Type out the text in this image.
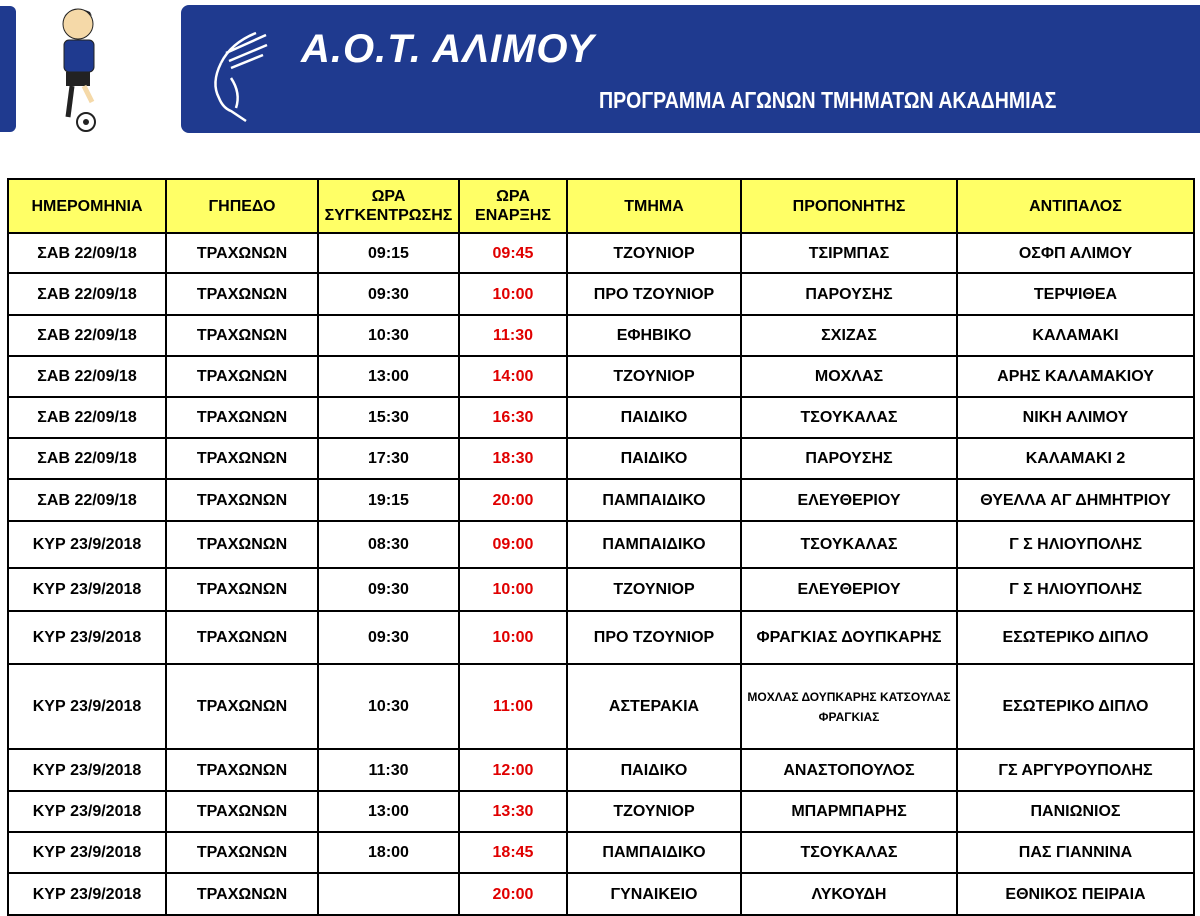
Α.Ο.Τ. ΑΛΙΜΟΥ
ΠΡΟΓΡΑΜΜΑ ΑΓΩΝΩΝ ΤΜΗΜΑΤΩΝ ΑΚΑΔΗΜΙΑΣ
ΗΜΕΡΟΜΗΝΙΑ	ΓΗΠΕΔΟ	ΩΡΑ ΣΥΓΚΕΝΤΡΩΣΗΣ	ΩΡΑ ΕΝΑΡΞΗΣ	ΤΜΗΜΑ	ΠΡΟΠΟΝΗΤΗΣ	ΑΝΤΙΠΑΛΟΣ
ΣΑΒ 22/09/18	ΤΡΑΧΩΝΩΝ	09:15	09:45	ΤΖΟΥΝΙΟΡ	ΤΣΙΡΜΠΑΣ	ΟΣΦΠ ΑΛΙΜΟΥ
ΣΑΒ 22/09/18	ΤΡΑΧΩΝΩΝ	09:30	10:00	ΠΡΟ ΤΖΟΥΝΙΟΡ	ΠΑΡΟΥΣΗΣ	ΤΕΡΨΙΘΕΑ
ΣΑΒ 22/09/18	ΤΡΑΧΩΝΩΝ	10:30	11:30	ΕΦΗΒΙΚΟ	ΣΧΙΖΑΣ	ΚΑΛΑΜΑΚΙ
ΣΑΒ 22/09/18	ΤΡΑΧΩΝΩΝ	13:00	14:00	ΤΖΟΥΝΙΟΡ	ΜΟΧΛΑΣ	ΑΡΗΣ ΚΑΛΑΜΑΚΙΟΥ
ΣΑΒ 22/09/18	ΤΡΑΧΩΝΩΝ	15:30	16:30	ΠΑΙΔΙΚΟ	ΤΣΟΥΚΑΛΑΣ	ΝΙΚΗ ΑΛΙΜΟΥ
ΣΑΒ 22/09/18	ΤΡΑΧΩΝΩΝ	17:30	18:30	ΠΑΙΔΙΚΟ	ΠΑΡΟΥΣΗΣ	ΚΑΛΑΜΑΚΙ 2
ΣΑΒ 22/09/18	ΤΡΑΧΩΝΩΝ	19:15	20:00	ΠΑΜΠΑΙΔΙΚΟ	ΕΛΕΥΘΕΡΙΟΥ	ΘΥΕΛΛΑ ΑΓ ΔΗΜΗΤΡΙΟΥ
ΚΥΡ 23/9/2018	ΤΡΑΧΩΝΩΝ	08:30	09:00	ΠΑΜΠΑΙΔΙΚΟ	ΤΣΟΥΚΑΛΑΣ	Γ Σ ΗΛΙΟΥΠΟΛΗΣ
ΚΥΡ 23/9/2018	ΤΡΑΧΩΝΩΝ	09:30	10:00	ΤΖΟΥΝΙΟΡ	ΕΛΕΥΘΕΡΙΟΥ	Γ Σ ΗΛΙΟΥΠΟΛΗΣ
ΚΥΡ 23/9/2018	ΤΡΑΧΩΝΩΝ	09:30	10:00	ΠΡΟ ΤΖΟΥΝΙΟΡ	ΦΡΑΓΚΙΑΣ ΔΟΥΠΚΑΡΗΣ	ΕΣΩΤΕΡΙΚΟ ΔΙΠΛΟ
ΚΥΡ 23/9/2018	ΤΡΑΧΩΝΩΝ	10:30	11:00	ΑΣΤΕΡΑΚΙΑ	ΜΟΧΛΑΣ ΔΟΥΠΚΑΡΗΣ ΚΑΤΣΟΥΛΑΣ ΦΡΑΓΚΙΑΣ	ΕΣΩΤΕΡΙΚΟ ΔΙΠΛΟ
ΚΥΡ 23/9/2018	ΤΡΑΧΩΝΩΝ	11:30	12:00	ΠΑΙΔΙΚΟ	ΑΝΑΣΤΟΠΟΥΛΟΣ	ΓΣ ΑΡΓΥΡΟΥΠΟΛΗΣ
ΚΥΡ 23/9/2018	ΤΡΑΧΩΝΩΝ	13:00	13:30	ΤΖΟΥΝΙΟΡ	ΜΠΑΡΜΠΑΡΗΣ	ΠΑΝΙΩΝΙΟΣ
ΚΥΡ 23/9/2018	ΤΡΑΧΩΝΩΝ	18:00	18:45	ΠΑΜΠΑΙΔΙΚΟ	ΤΣΟΥΚΑΛΑΣ	ΠΑΣ ΓΙΑΝΝΙΝΑ
ΚΥΡ 23/9/2018	ΤΡΑΧΩΝΩΝ		20:00	ΓΥΝΑΙΚΕΙΟ	ΛΥΚΟΥΔΗ	ΕΘΝΙΚΟΣ ΠΕΙΡΑΙΑ
